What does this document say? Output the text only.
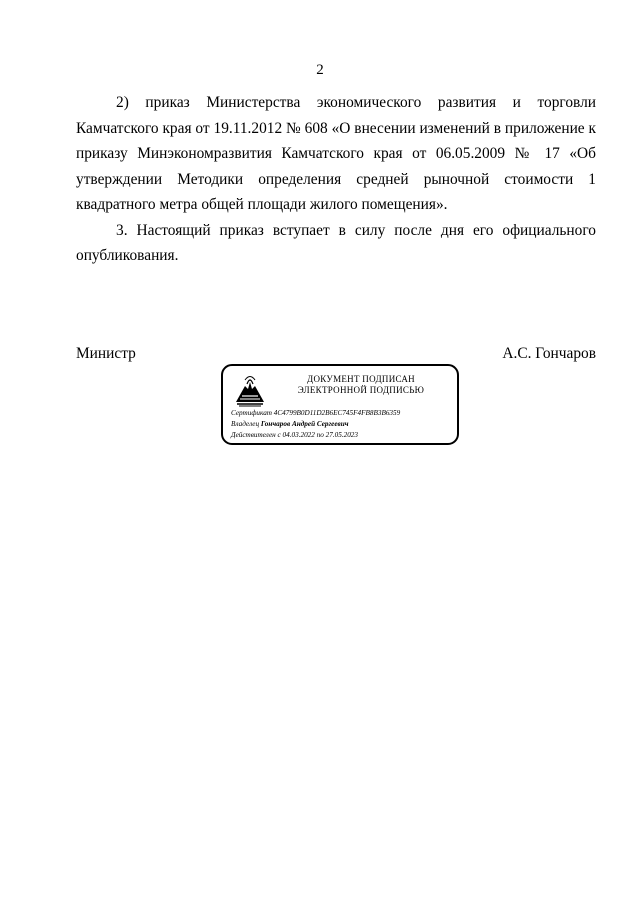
2

2) приказ Министерства экономического развития и торговли Камчатского края от 19.11.2012 № 608 «О внесении изменений в приложение к приказу Минэкономразвития Камчатского края от 06.05.2009 № 17 «Об утверждении Методики определения средней рыночной стоимости 1 квадратного метра общей площади жилого помещения».

3. Настоящий приказ вступает в силу после дня его официального опубликования.

Министр	А.С. Гончаров
ДОКУМЕНТ ПОДПИСАН
ЭЛЕКТРОННОЙ ПОДПИСЬЮ
Сертификат 4C4799B0D11D2B6EC745F4FB8B3B6359
Владелец Гончаров Андрей Сергеевич
Действителен с 04.03.2022 по 27.05.2023
